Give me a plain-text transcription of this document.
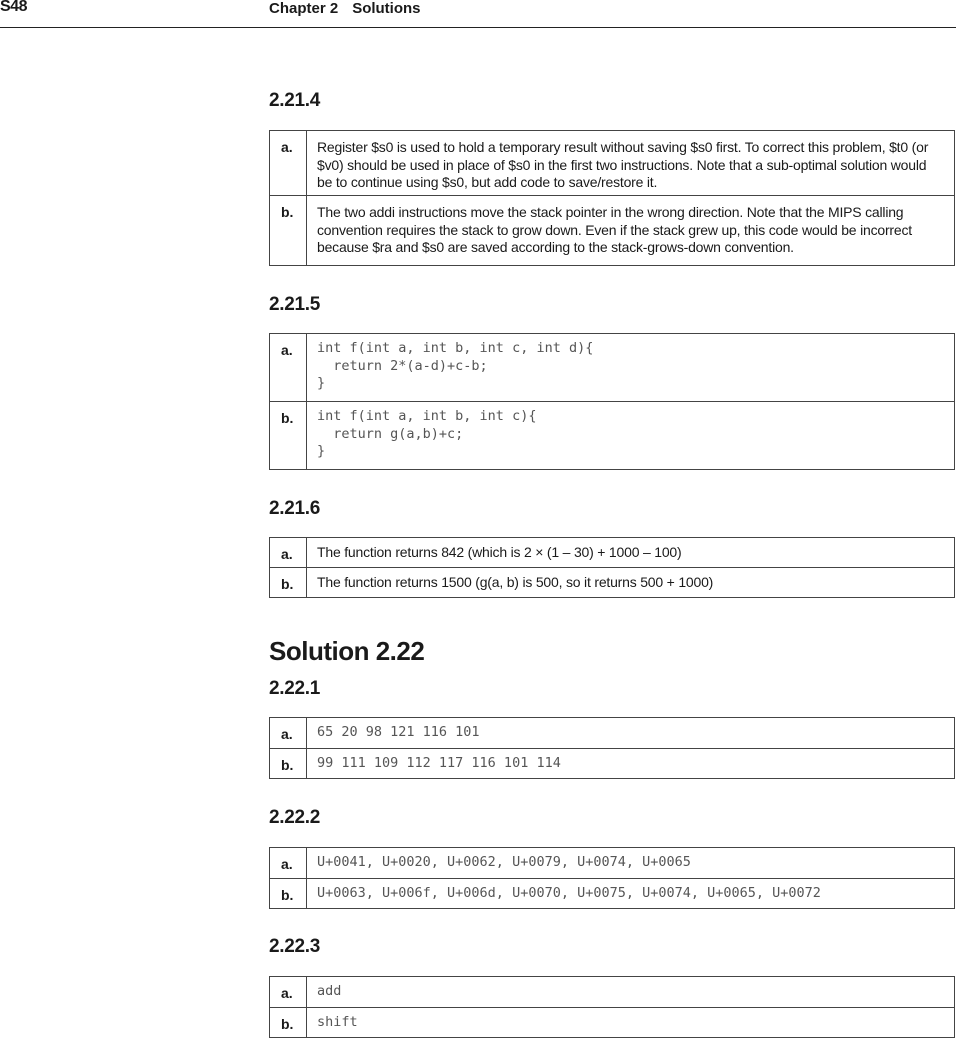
S48	Chapter 2 Solutions
2.21.4
a.	Register $s0 is used to hold a temporary result without saving $s0 first. To correct this problem, $t0 (or $v0) should be used in place of $s0 in the first two instructions. Note that a sub-optimal solution would be to continue using $s0, but add code to save/restore it.
b.	The two addi instructions move the stack pointer in the wrong direction. Note that the MIPS calling convention requires the stack to grow down. Even if the stack grew up, this code would be incorrect because $ra and $s0 are saved according to the stack-grows-down convention.
2.21.5
a.	int f(int a, int b, int c, int d){
return 2*(a-d)+c-b;
}
b.	int f(int a, int b, int c){
return g(a,b)+c;
}
2.21.6
a.	The function returns 842 (which is 2 × (1 – 30) + 1000 – 100)
b.	The function returns 1500 (g(a, b) is 500, so it returns 500 + 1000)
Solution 2.22
2.22.1
a.	65 20 98 121 116 101
b.	99 111 109 112 117 116 101 114
2.22.2
a.	U+0041, U+0020, U+0062, U+0079, U+0074, U+0065
b.	U+0063, U+006f, U+006d, U+0070, U+0075, U+0074, U+0065, U+0072
2.22.3
a.	add
b.	shift
